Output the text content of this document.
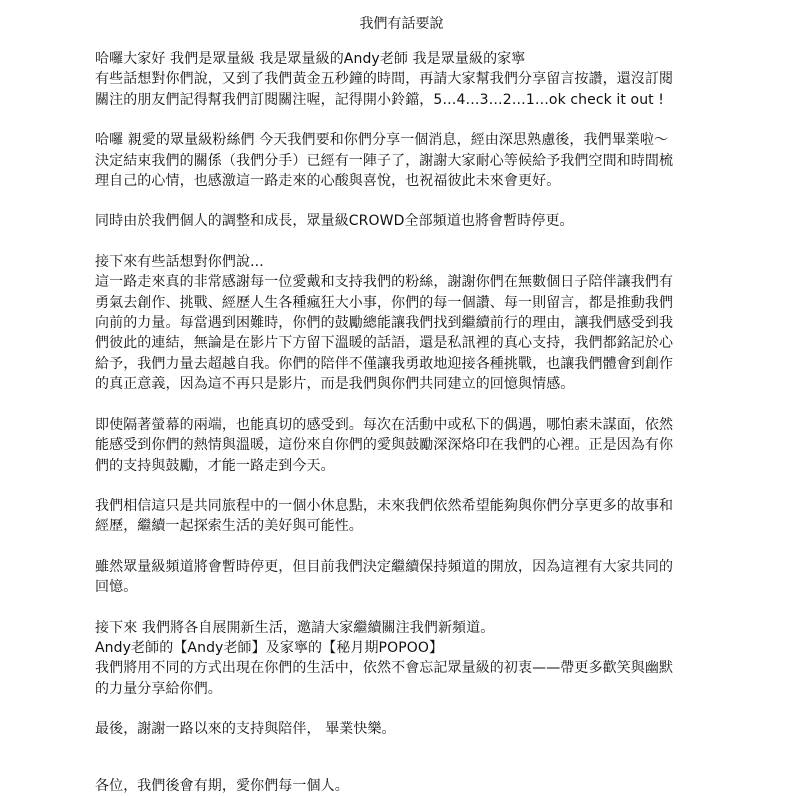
我們有話要說
哈囉大家好 我們是眾量級 我是眾量級的Andy老師 我是眾量級的家寧
有些話想對你們說，又到了我們黃金五秒鐘的時間，再請大家幫我們分享留言按讚，還沒訂閱
關注的朋友們記得幫我們訂閱關注喔，記得開小鈴鐺，5…4…3…2…1…ok check it out !
哈囉 親愛的眾量級粉絲們 今天我們要和你們分享一個消息，經由深思熟慮後，我們畢業啦～
決定結束我們的關係（我們分手）已經有一陣子了，謝謝大家耐心等候給予我們空間和時間梳
理自己的心情，也感激這一路走來的心酸與喜悅，也祝福彼此未來會更好。
同時由於我們個人的調整和成長，眾量級CROWD全部頻道也將會暫時停更。
接下來有些話想對你們說...
這一路走來真的非常感謝每一位愛戴和支持我們的粉絲，謝謝你們在無數個日子陪伴讓我們有
勇氣去創作、挑戰、經歷人生各種瘋狂大小事，你們的每一個讚、每一則留言，都是推動我們
向前的力量。每當遇到困難時，你們的鼓勵總能讓我們找到繼續前行的理由，讓我們感受到我
們彼此的連結，無論是在影片下方留下溫暖的話語，還是私訊裡的真心支持，我們都銘記於心
給予，我們力量去超越自我。你們的陪伴不僅讓我勇敢地迎接各種挑戰，也讓我們體會到創作
的真正意義，因為這不再只是影片，而是我們與你們共同建立的回憶與情感。
即使隔著螢幕的兩端，也能真切的感受到。每次在活動中或私下的偶遇，哪怕素未謀面，依然
能感受到你們的熱情與溫暖，這份來自你們的愛與鼓勵深深烙印在我們的心裡。正是因為有你
們的支持與鼓勵，才能一路走到今天。
我們相信這只是共同旅程中的一個小休息點，未來我們依然希望能夠與你們分享更多的故事和
經歷，繼續一起探索生活的美好與可能性。
雖然眾量級頻道將會暫時停更，但目前我們決定繼續保持頻道的開放，因為這裡有大家共同的
回憶。
接下來 我們將各自展開新生活，邀請大家繼續關注我們新頻道。
Andy老師的【Andy老師】及家寧的【秘月期POPOO】
我們將用不同的方式出現在你們的生活中，依然不會忘記眾量級的初衷——帶更多歡笑與幽默
的力量分享給你們。
最後，謝謝一路以來的支持與陪伴， 畢業快樂。
各位，我們後會有期，愛你們每一個人。
